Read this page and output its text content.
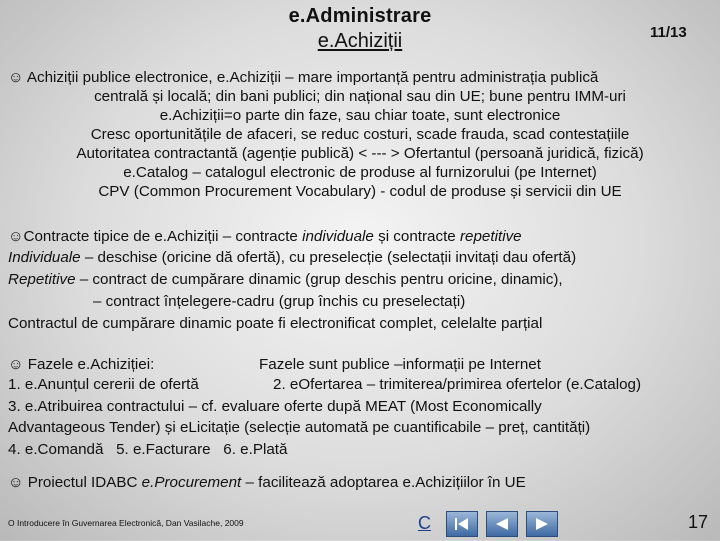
e.Administrare
e.Achiziții	11/13
☺ Achiziții publice electronice, e.Achiziții – mare importanță pentru administrația publică
centrală și locală; din bani publici; din național sau din UE; bune pentru IMM-uri
e.Achiziții=o parte din faze, sau chiar toate, sunt electronice
Cresc oportunitățile de afaceri, se reduc costuri, scade frauda, scad contestațiile
Autoritatea contractantă (agenție publică) < --- > Ofertantul (persoană juridică, fizică)
e.Catalog – catalogul electronic de produse al furnizorului (pe Internet)
CPV (Common Procurement Vocabulary) - codul de produse și servicii din UE
☺Contracte tipice de e.Achiziții – contracte individuale și contracte repetitive
Individuale – deschise (oricine dă ofertă), cu preselecție (selectații invitați dau ofertă)
Repetitive – contract de cumpărare dinamic (grup deschis pentru oricine, dinamic),
– contract înțelegere-cadru (grup închis cu preselectați)
Contractul de cumpărare dinamic poate fi electronificat complet, celelalte parțial
☺ Fazele e.Achiziției:	Fazele sunt publice –informații pe Internet
1. e.Anunțul cererii de ofertă	2. eOfertarea – trimiterea/primirea ofertelor (e.Catalog)
3. e.Atribuirea contractului – cf. evaluare oferte după MEAT (Most Economically
Advantageous Tender) și eLicitație (selecție automată pe cuantificabile – preț, cantități)
4. e.Comandă   5. e.Facturare   6. e.Plată
☺ Proiectul IDABC e.Procurement – facilitează adoptarea e.Achizițiilor în UE
O Introducere în Guvernarea Electronică, Dan Vasilache, 2009	C	17
